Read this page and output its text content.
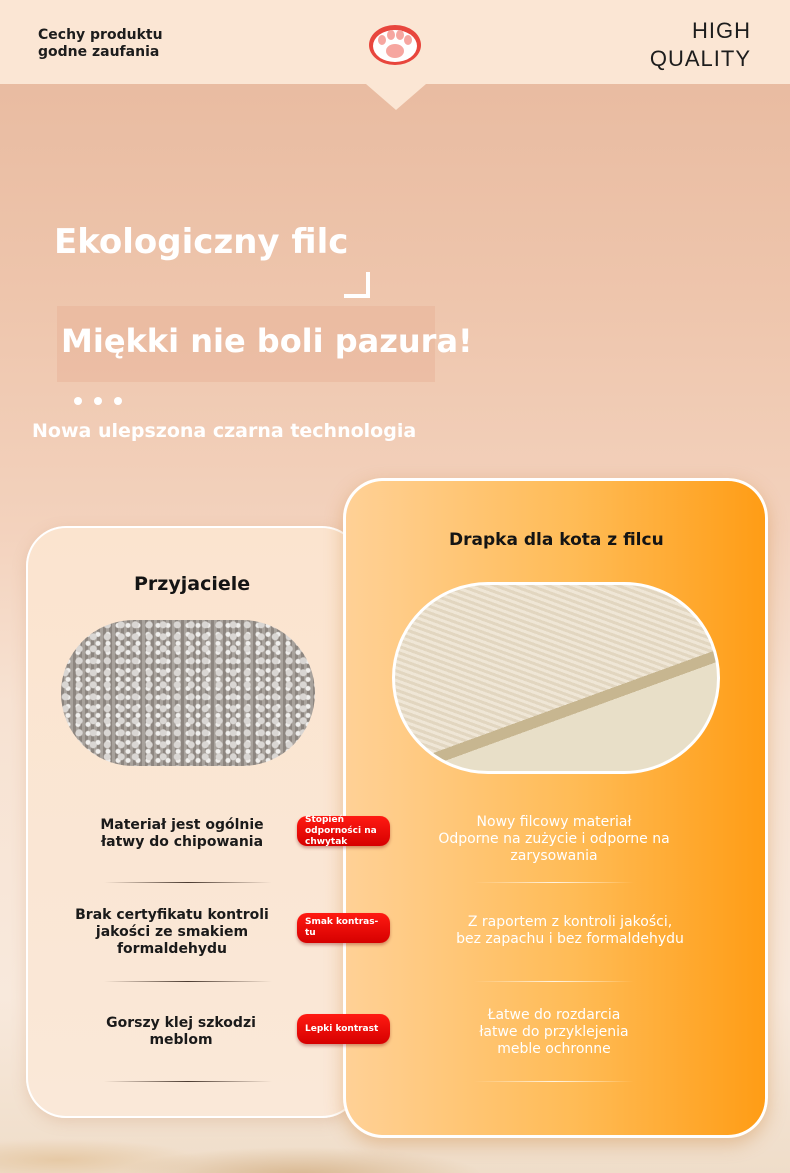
Cechy produktu
godne zaufania
HIGH
QUALITY
Ekologiczny filc
Miękki nie boli pazura!
Nowa ulepszona czarna technologia
Przyjaciele
Drapka dla kota z filcu
Materiał jest ogólnie
łatwy do chipowania
Brak certyfikatu kontroli
jakości ze smakiem
formaldehydu
Gorszy klej szkodzi
meblom
Stopień
odporności na
chwytak
Smak kontras-
tu
Lepki kontrast
Nowy filcowy materiał
Odporne na zużycie i odporne na
zarysowania
Z raportem z kontroli jakości,
bez zapachu i bez formaldehydu
Łatwe do rozdarcia
łatwe do przyklejenia
meble ochronne
